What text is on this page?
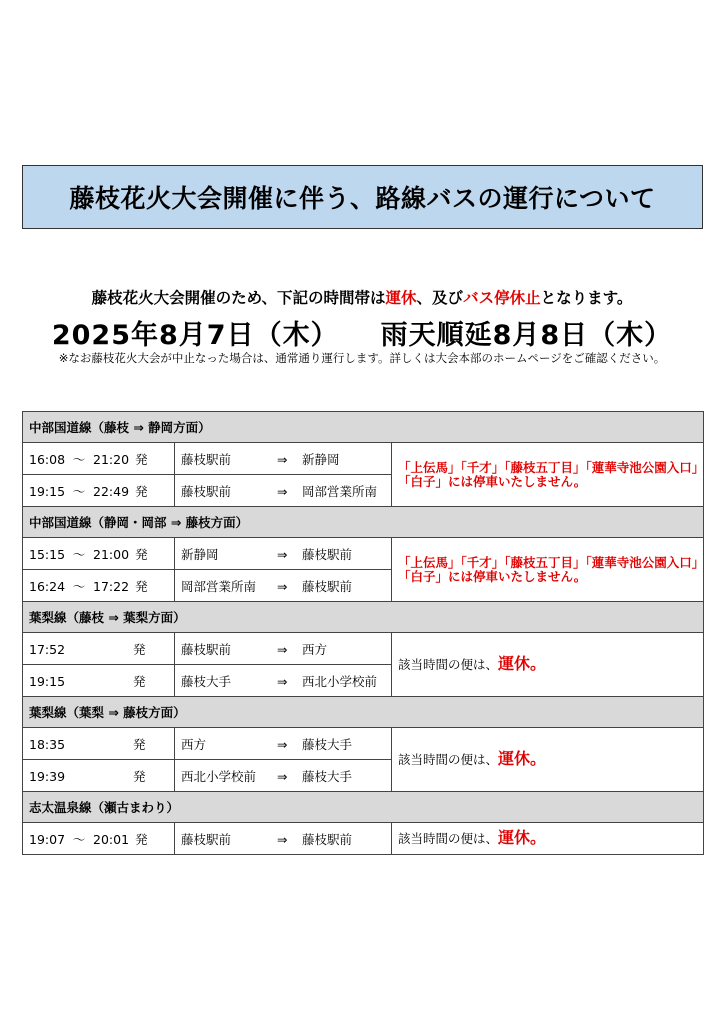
藤枝花火大会開催に伴う、路線バスの運行について
藤枝花火大会開催のため、下記の時間帯は運休、及びバス停休止となります。
2025年8月7日（木） 雨天順延8月8日（木）
※なお藤枝花火大会が中止なった場合は、通常通り運行します。詳しくは大会本部のホームページをご確認ください。
中部国道線（藤枝 ⇒ 静岡方面）		
16:08 ～ 21:20 発	藤枝駅前 ⇒ 新静岡	「上伝馬」「千才」「藤枝五丁目」「蓮華寺池公園入口」
「白子」には停車いたしません。

19:15 ～ 22:49 発	藤枝駅前 ⇒ 岡部営業所南	
中部国道線（静岡・岡部 ⇒ 藤枝方面）		
15:15 ～ 21:00 発	新静岡 ⇒ 藤枝駅前	「上伝馬」「千才」「藤枝五丁目」「蓮華寺池公園入口」
「白子」には停車いたしません。

16:24 ～ 17:22 発	岡部営業所南 ⇒ 藤枝駅前	
葉梨線（藤枝 ⇒ 葉梨方面）		
17:52 発	藤枝駅前 ⇒ 西方	該当時間の便は、運休。
19:15 発	藤枝大手 ⇒ 西北小学校前	
葉梨線（葉梨 ⇒ 藤枝方面）		
18:35 発	西方 ⇒ 藤枝大手	該当時間の便は、運休。
19:39 発	西北小学校前 ⇒ 藤枝大手	
志太温泉線（瀬古まわり）		
19:07 ～ 20:01 発	藤枝駅前 ⇒ 藤枝駅前	該当時間の便は、運休。
